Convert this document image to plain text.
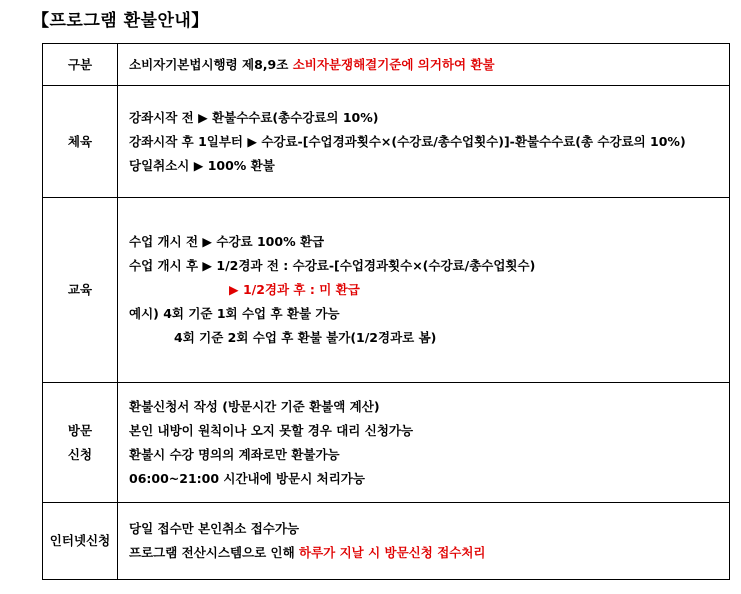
【프로그램 환불안내】
구분	소비자기본법시행령 제8,9조 소비자분쟁해결기준에 의거하여 환불
체육	강좌시작 전 ▶ 환불수수료(총수강료의 10%)
강좌시작 후 1일부터 ▶ 수강료-[수업경과횟수×(수강료/총수업횟수)]-환불수수료(총 수강료의 10%)
당일취소시 ▶ 100% 환불

교육	수업 개시 전 ▶ 수강료 100% 환급
수업 개시 후 ▶ 1/2경과 전 : 수강료-[수업경과횟수×(수강료/총수업횟수)
▶ 1/2경과 후 : 미 환급
예시) 4회 기준 1회 수업 후 환불 가능
4회 기준 2회 수업 후 환불 불가(1/2경과로 봄)

방문
신청	환불신청서 작성 (방문시간 기준 환불액 계산)
본인 내방이 원칙이나 오지 못할 경우 대리 신청가능
환불시 수강 명의의 계좌로만 환불가능
06:00~21:00 시간내에 방문시 처리가능

인터넷신청	당일 접수만 본인취소 접수가능
프로그램 전산시스템으로 인해 하루가 지날 시 방문신청 접수처리
